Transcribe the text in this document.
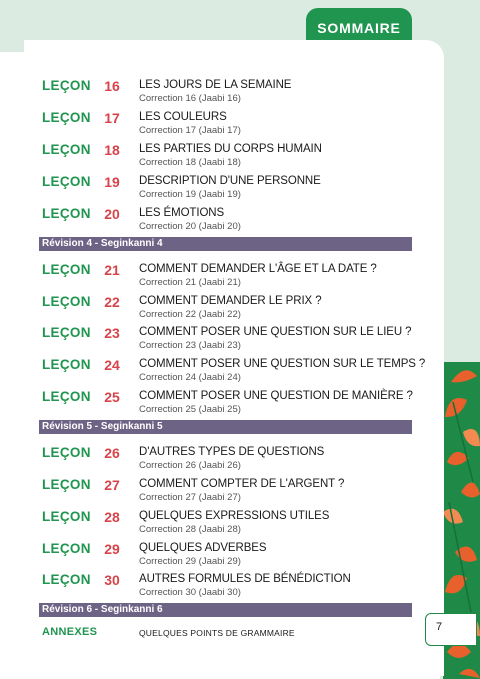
SOMMAIRE
LEÇON 16	LES JOURS DE LA SEMAINE
Correction 16 (Jaabi 16)
LEÇON 17	LES COULEURS
Correction 17 (Jaabi 17)
LEÇON 18	LES PARTIES DU CORPS HUMAIN
Correction 18 (Jaabi 18)
LEÇON 19	DESCRIPTION D'UNE PERSONNE
Correction 19 (Jaabi 19)
LEÇON 20	LES ÉMOTIONS
Correction 20 (Jaabi 20)
Révision 4 - Seginkanni 4
LEÇON 21	COMMENT DEMANDER L'ÂGE ET LA DATE ?
Correction 21 (Jaabi 21)
LEÇON 22	COMMENT DEMANDER LE PRIX ?
Correction 22 (Jaabi 22)
LEÇON 23	COMMENT POSER UNE QUESTION SUR LE LIEU ?
Correction 23 (Jaabi 23)
LEÇON 24	COMMENT POSER UNE QUESTION SUR LE TEMPS ?
Correction 24 (Jaabi 24)
LEÇON 25	COMMENT POSER UNE QUESTION DE MANIÈRE ?
Correction 25 (Jaabi 25)
Révision 5 - Seginkanni 5
LEÇON 26	D'AUTRES TYPES DE QUESTIONS
Correction 26 (Jaabi 26)
LEÇON 27	COMMENT COMPTER DE L'ARGENT ?
Correction 27 (Jaabi 27)
LEÇON 28	QUELQUES EXPRESSIONS UTILES
Correction 28 (Jaabi 28)
LEÇON 29	QUELQUES ADVERBES
Correction 29 (Jaabi 29)
LEÇON 30	AUTRES FORMULES DE BÉNÉDICTION
Correction 30 (Jaabi 30)
Révision 6 - Seginkanni 6
ANNEXES	QUELQUES POINTS DE GRAMMAIRE	7
